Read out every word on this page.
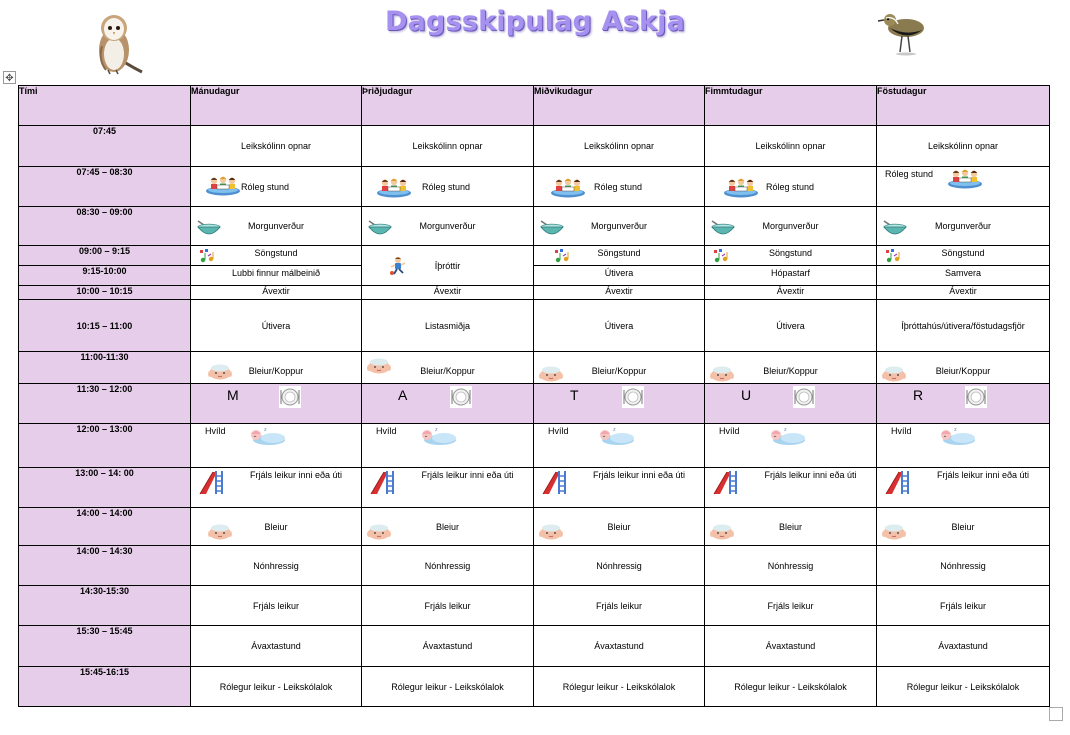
Dagsskipulag Askja
✥
Tími	Mánudagur	Þriðjudagur	Miðvikudagur	Fimmtudagur	Föstudagur
07:45	Leikskólinn opnar	Leikskólinn opnar	Leikskólinn opnar	Leikskólinn opnar	Leikskólinn opnar

07:45 – 08:30	Róleg stund	Róleg stund	Róleg stund	Róleg stund	Róleg stund

08:30 – 09:00	Morgunverður	Morgunverður	Morgunverður	Morgunverður	Morgunverður

09:00 – 9:15	Söngstund	Íþróttir	Söngstund	Söngstund	Söngstund

9:15-10:00	Lubbi finnur málbeinið		Útivera	Hópastarf	Samvera

10:00 – 10:15	Ávextir	Ávextir	Ávextir	Ávextir	Ávextir

10:15 – 11:00	Útivera	Listasmiðja	Útivera	Útivera	Íþróttahús/útivera/föstudagsfjör

11:00-11:30	Bleiur/Koppur	Bleiur/Koppur	Bleiur/Koppur	Bleiur/Koppur	Bleiur/Koppur

11:30 – 12:00	M	A	T	U	R

12:00 – 13:00	Hvíld	Hvíld	Hvíld	Hvíld	Hvíld

13:00 – 14: 00	Frjáls leikur inni eða úti	Frjáls leikur inni eða úti	Frjáls leikur inni eða úti	Frjáls leikur inni eða úti	Frjáls leikur inni eða úti

14:00 – 14:00	Bleiur	Bleiur	Bleiur	Bleiur	Bleiur

14:00 – 14:30	Nónhressig	Nónhressig	Nónhressig	Nónhressig	Nónhressig

14:30-15:30	Frjáls leikur	Frjáls leikur	Frjáls leikur	Frjáls leikur	Frjáls leikur

15:30 – 15:45	Ávaxtastund	Ávaxtastund	Ávaxtastund	Ávaxtastund	Ávaxtastund

15:45-16:15	Rólegur leikur - Leikskólalok	Rólegur leikur - Leikskólalok	Rólegur leikur - Leikskólalok	Rólegur leikur - Leikskólalok	Rólegur leikur - Leikskólalok
